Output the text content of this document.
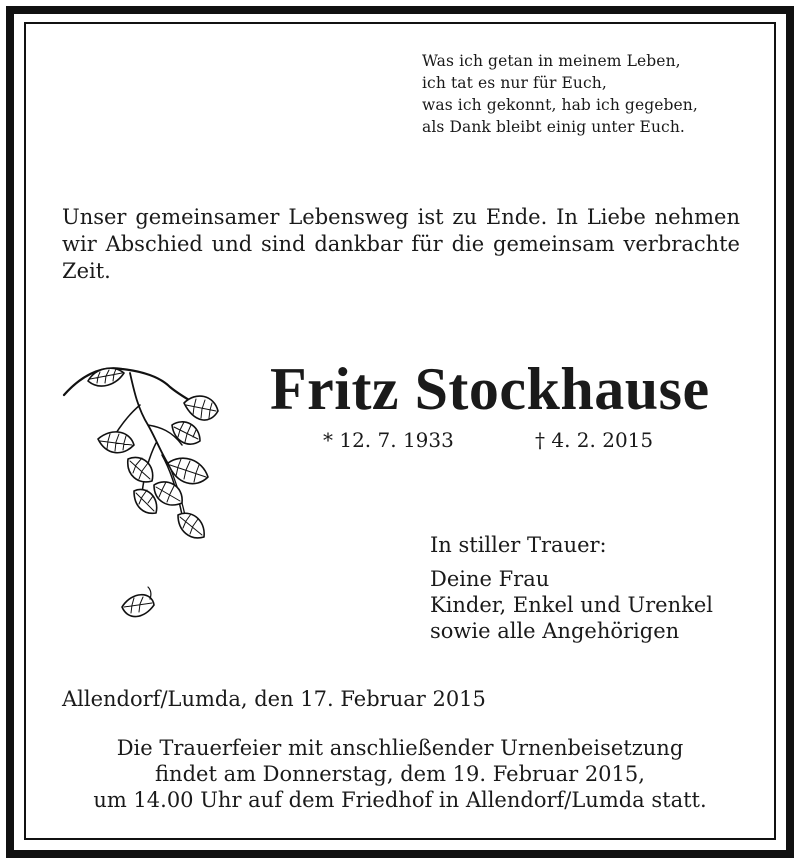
Was ich getan in meinem Leben,
ich tat es nur für Euch,
was ich gekonnt, hab ich gegeben,
als Dank bleibt einig unter Euch.
Unser gemeinsamer Lebensweg ist zu Ende. In Liebe nehmen wir Abschied und sind dankbar für die gemeinsam verbrachte Zeit.
Fritz Stockhause
* 12. 7. 1933	† 4. 2. 2015
In stiller Trauer:
Deine Frau
Kinder, Enkel und Urenkel
sowie alle Angehörigen
Allendorf/Lumda, den 17. Februar 2015
Die Trauerfeier mit anschließender Urnenbeisetzung
findet am Donnerstag, dem 19. Februar 2015,
um 14.00 Uhr auf dem Friedhof in Allendorf/Lumda statt.
